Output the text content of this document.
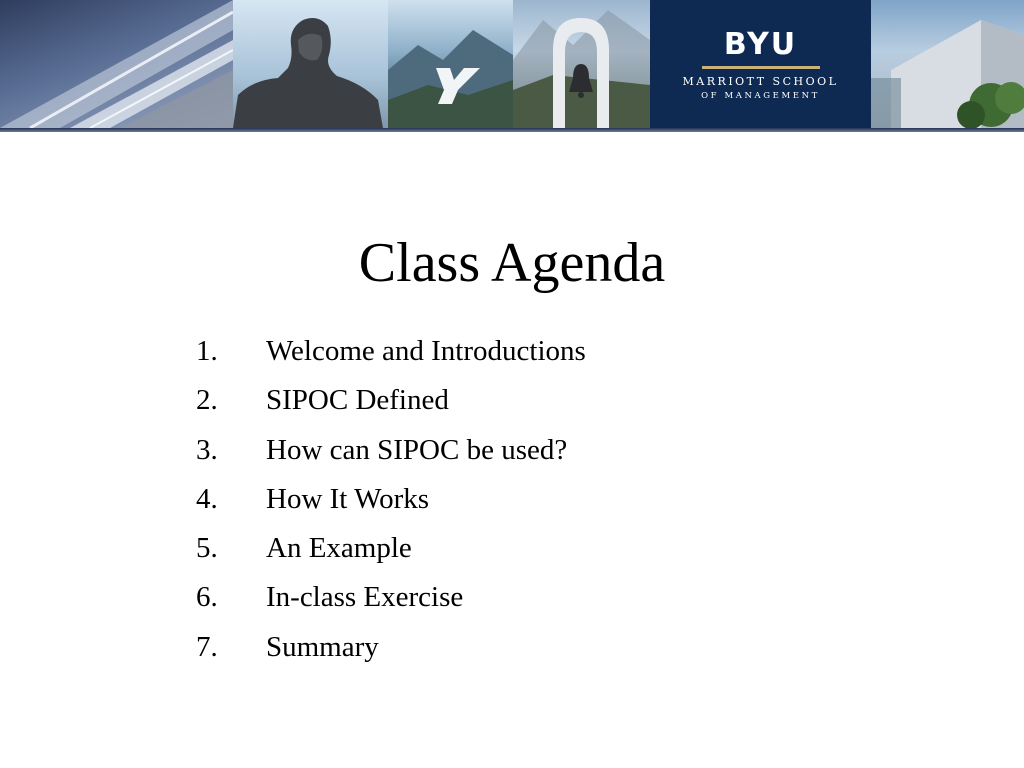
BYU
MARRIOTT SCHOOL
OF MANAGEMENT
Class Agenda
1.	Welcome and Introductions
2.	SIPOC Defined
3.	How can SIPOC be used?
4.	How It Works
5.	An Example
6.	In-class Exercise
7.	Summary
